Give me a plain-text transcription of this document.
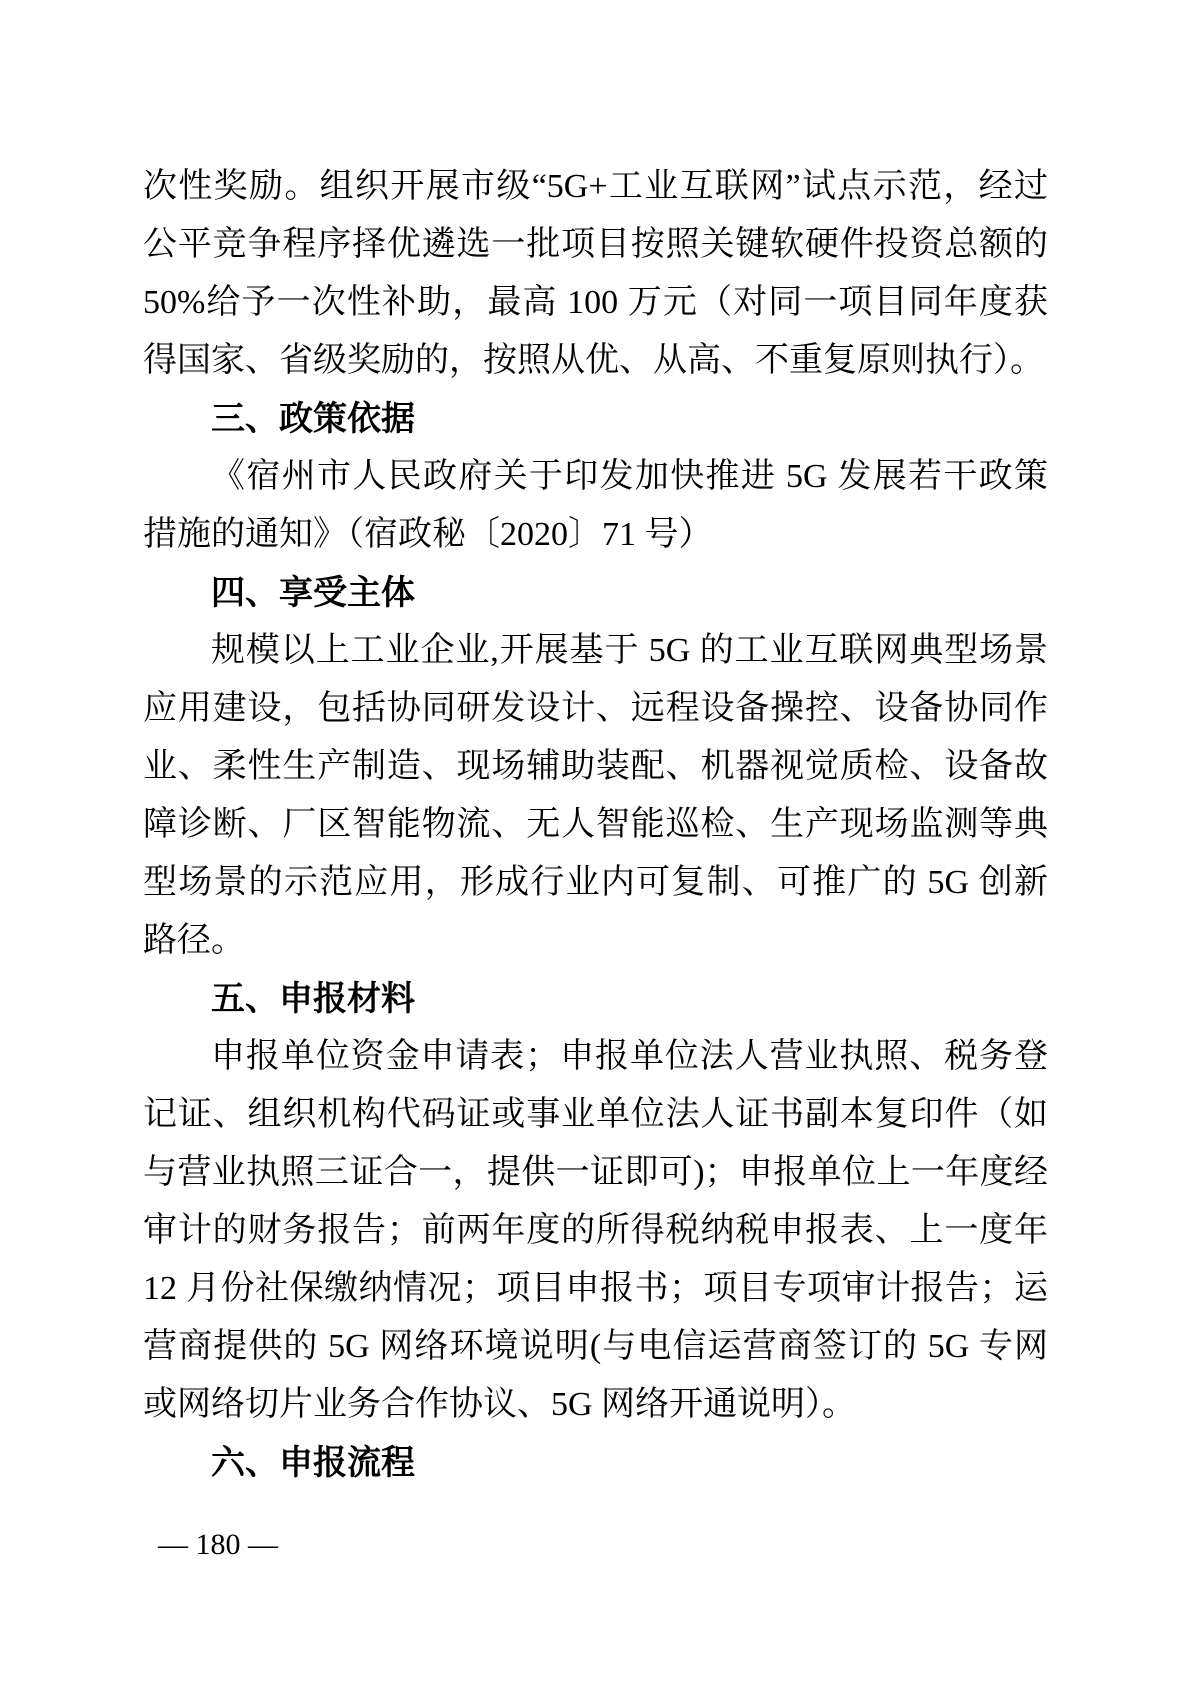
次性奖励。组织开展市级“5G+工业互联网”试点示范，经过公平竞争程序择优遴选一批项目按照关键软硬件投资总额的 50%给予一次性补助，最高 100 万元（对同一项目同年度获得国家、省级奖励的，按照从优、从高、不重复原则执行）。

三、政策依据

《宿州市人民政府关于印发加快推进 5G 发展若干政策措施的通知》（宿政秘〔2020〕71 号）

四、享受主体

规模以上工业企业,开展基于 5G 的工业互联网典型场景应用建设，包括协同研发设计、远程设备操控、设备协同作业、柔性生产制造、现场辅助装配、机器视觉质检、设备故障诊断、厂区智能物流、无人智能巡检、生产现场监测等典型场景的示范应用，形成行业内可复制、可推广的 5G 创新路径。

五、申报材料

申报单位资金申请表；申报单位法人营业执照、税务登记证、组织机构代码证或事业单位法人证书副本复印件（如与营业执照三证合一，提供一证即可)；申报单位上一年度经审计的财务报告；前两年度的所得税纳税申报表、上一度年 12 月份社保缴纳情况；项目申报书；项目专项审计报告；运营商提供的 5G 网络环境说明(与电信运营商签订的 5G 专网或网络切片业务合作协议、5G 网络开通说明）。

六、申报流程

— 180 —
